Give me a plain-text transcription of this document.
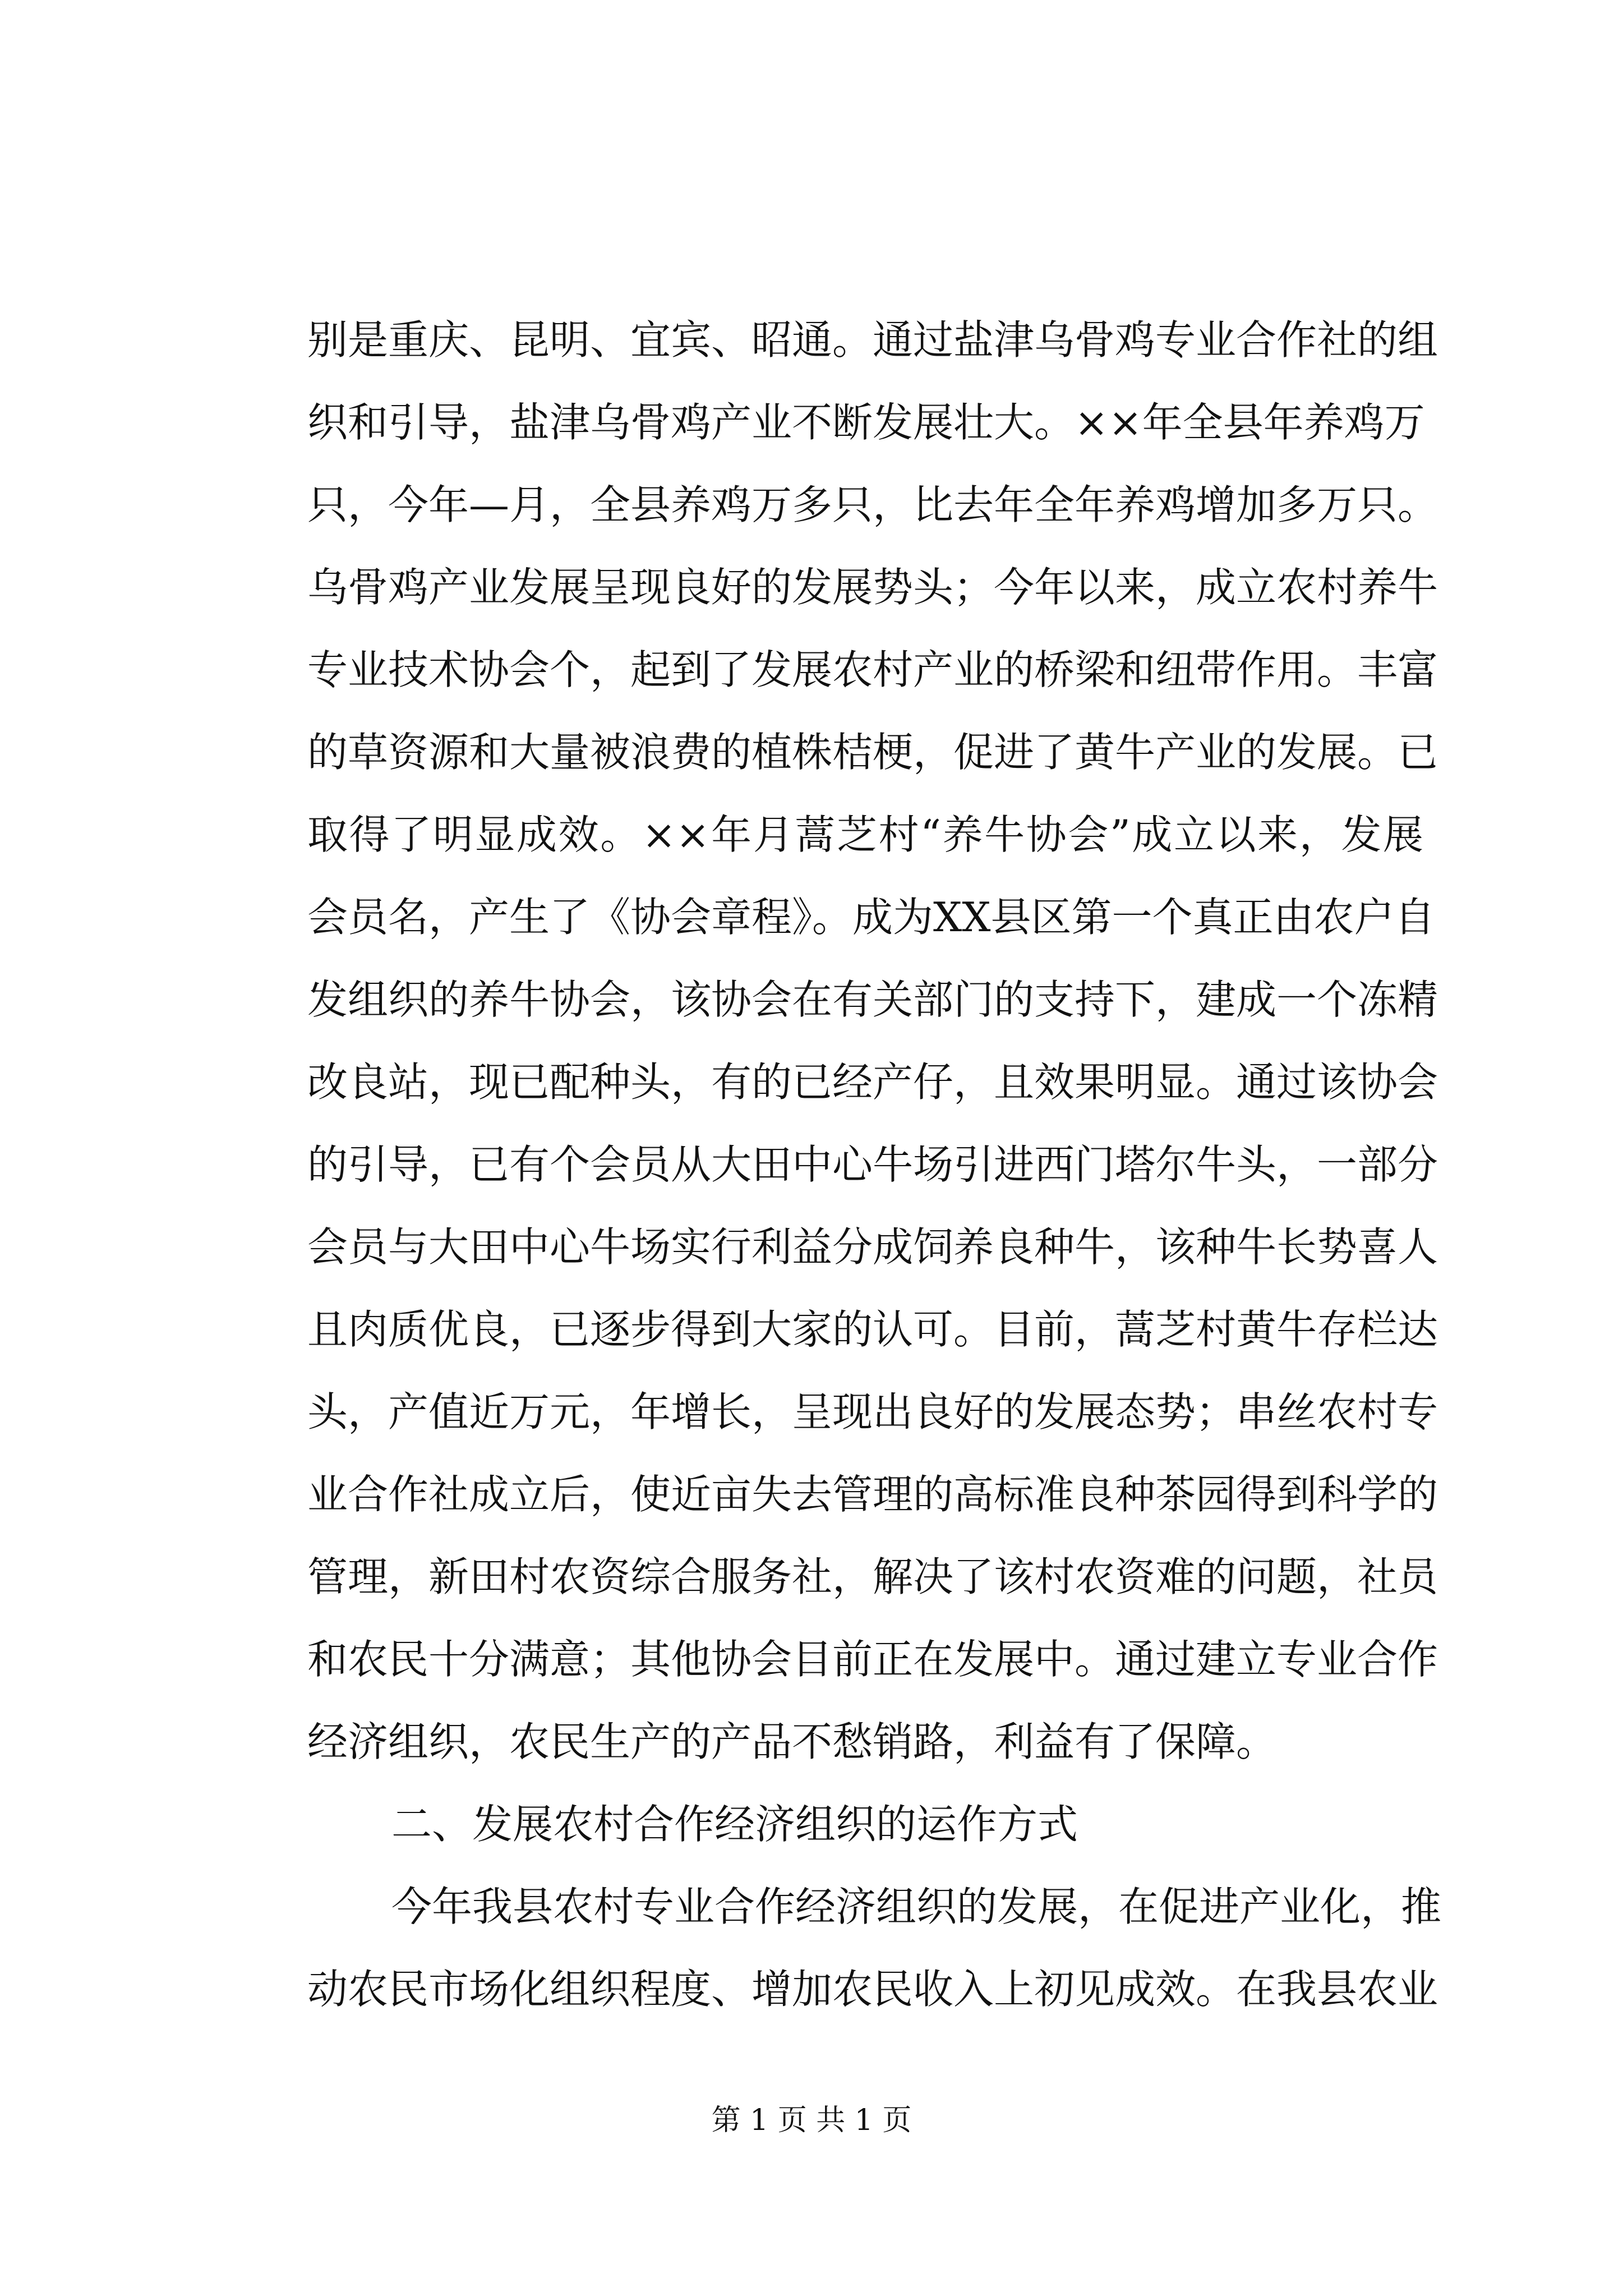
别是重庆、昆明、宜宾、昭通。通过盐津乌骨鸡专业合作社的组
织和引导，盐津乌骨鸡产业不断发展壮大。××年全县年养鸡万
只，今年—月，全县养鸡万多只，比去年全年养鸡增加多万只。
乌骨鸡产业发展呈现良好的发展势头；今年以来，成立农村养牛
专业技术协会个，起到了发展农村产业的桥梁和纽带作用。丰富
的草资源和大量被浪费的植株桔梗，促进了黄牛产业的发展。已
取得了明显成效。××年月蒿芝村“养牛协会”成立以来，发展
会员名，产生了《协会章程》。成为XX县区第一个真正由农户自
发组织的养牛协会，该协会在有关部门的支持下，建成一个冻精
改良站，现已配种头，有的已经产仔，且效果明显。通过该协会
的引导，已有个会员从大田中心牛场引进西门塔尔牛头，一部分
会员与大田中心牛场实行利益分成饲养良种牛，该种牛长势喜人
且肉质优良，已逐步得到大家的认可。目前，蒿芝村黄牛存栏达
头，产值近万元，年增长，呈现出良好的发展态势；串丝农村专
业合作社成立后，使近亩失去管理的高标准良种茶园得到科学的
管理，新田村农资综合服务社，解决了该村农资难的问题，社员
和农民十分满意；其他协会目前正在发展中。通过建立专业合作
经济组织，农民生产的产品不愁销路，利益有了保障。
二、发展农村合作经济组织的运作方式
今年我县农村专业合作经济组织的发展，在促进产业化，推
动农民市场化组织程度、增加农民收入上初见成效。在我县农业
第 1 页 共 1 页
